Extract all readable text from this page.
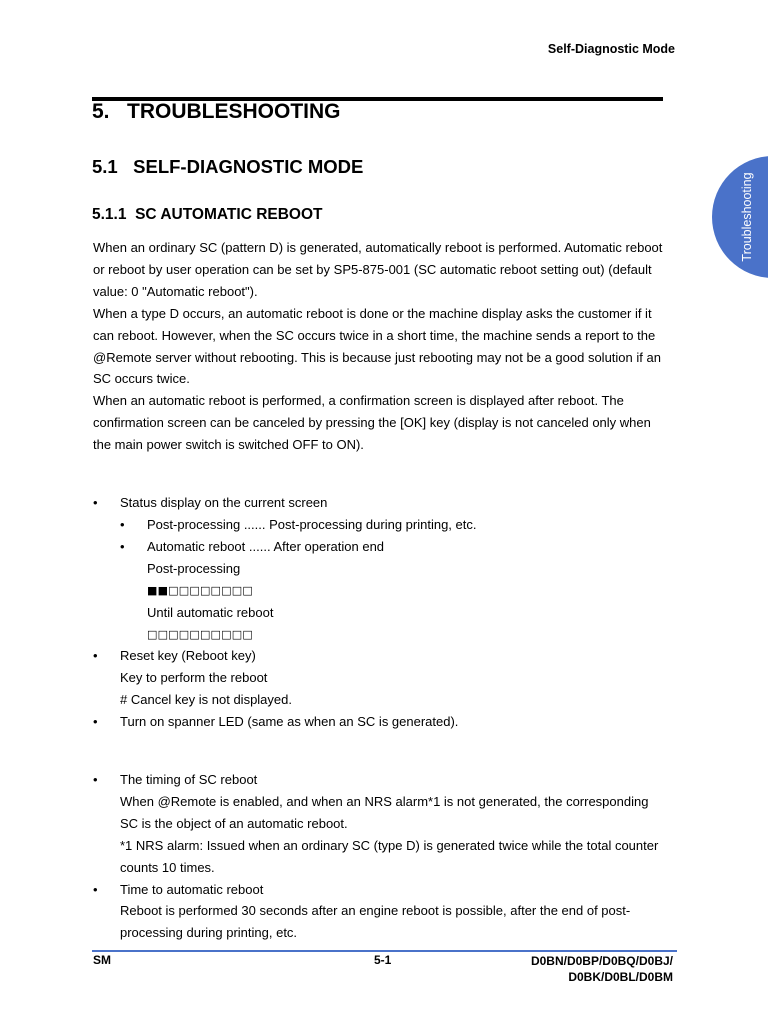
Self-Diagnostic Mode
5.   TROUBLESHOOTING
5.1   SELF-DIAGNOSTIC MODE
5.1.1  SC AUTOMATIC REBOOT	Troubleshooting

When an ordinary SC (pattern D) is generated, automatically reboot is performed. Automatic reboot or reboot by user operation can be set by SP5-875-001 (SC automatic reboot setting out) (default value: 0 "Automatic reboot").

When a type D occurs, an automatic reboot is done or the machine display asks the customer if it can reboot. However, when the SC occurs twice in a short time, the machine sends a report to the @Remote server without rebooting. This is because just rebooting may not be a good solution if an SC occurs twice.

When an automatic reboot is performed, a confirmation screen is displayed after reboot. The confirmation screen can be canceled by pressing the [OK] key (display is not canceled only when the main power switch is switched OFF to ON).

• Status display on the current screen
• Post-processing ...... Post-processing during printing, etc.
• Automatic reboot ...... After operation end
Post-processing
■■□□□□□□□□
Until automatic reboot
□□□□□□□□□□
• Reset key (Reboot key)
Key to perform the reboot
# Cancel key is not displayed.
• Turn on spanner LED (same as when an SC is generated).
• The timing of SC reboot
When @Remote is enabled, and when an NRS alarm*1 is not generated, the corresponding SC is the object of an automatic reboot.
*1 NRS alarm: Issued when an ordinary SC (type D) is generated twice while the total counter counts 10 times.
• Time to automatic reboot
Reboot is performed 30 seconds after an engine reboot is possible, after the end of post-processing during printing, etc.
SM	5-1	D0BN/D0BP/D0BQ/D0BJ/
D0BK/D0BL/D0BM
